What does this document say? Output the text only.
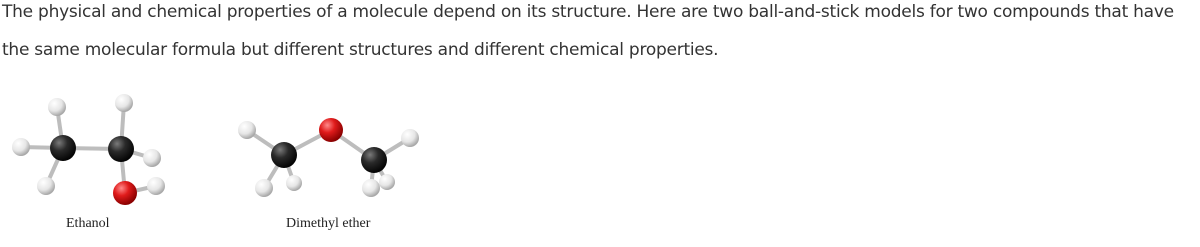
The physical and chemical properties of a molecule depend on its structure. Here are two ball-and-stick models for two compounds that have the same molecular formula but different structures and different chemical properties.

Ethanol	Dimethyl ether
